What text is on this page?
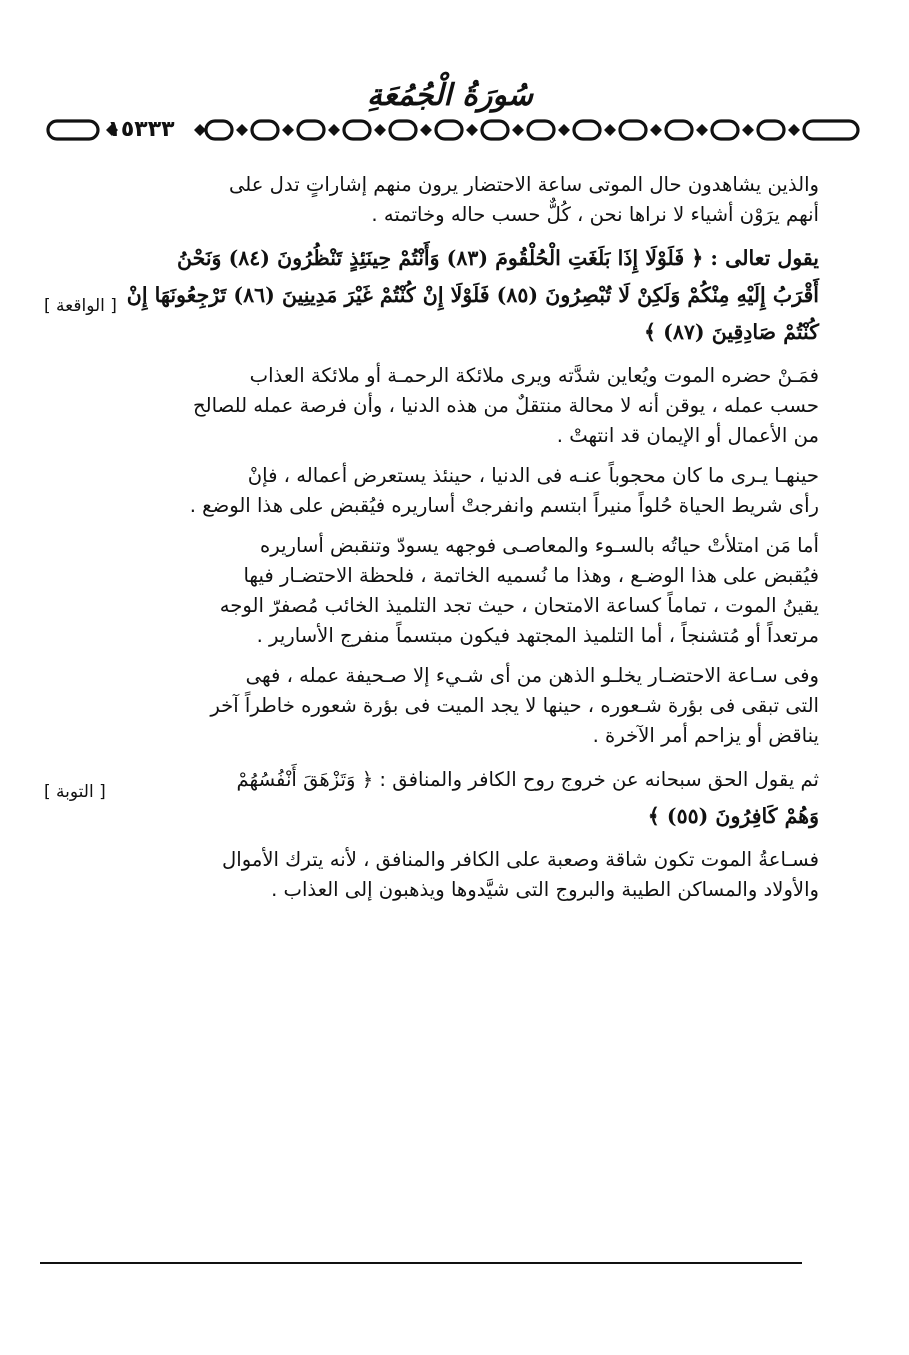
سُورَةُ الْجُمُعَةِ
١٥٣٣٣

والذين يشاهدون حال الموتى ساعة الاحتضار يرون منهم إشاراتٍ تدل على
أنهم يرَوْن أشياء لا نراها نحن ، كُلٌّ حسب حاله وخاتمته .

يقول تعالى : ﴿ فَلَوْلَا إِذَا بَلَغَتِ الْحُلْقُومَ (٨٣) وَأَنْتُمْ حِينَئِذٍ تَنْظُرُونَ (٨٤) وَنَحْنُ
أَقْرَبُ إِلَيْهِ مِنْكُمْ وَلَكِنْ لَا تُبْصِرُونَ (٨٥) فَلَوْلَا إِنْ كُنْتُمْ غَيْرَ مَدِينِينَ (٨٦) تَرْجِعُونَهَا إِنْ
كُنْتُمْ صَادِقِينَ (٨٧) ﴾
[ الواقعة ]

فمَـنْ حضره الموت ويُعاين شدَّته ويرى ملائكة الرحمـة أو ملائكة العذاب
حسب عمله ، يوقن أنه لا محالة منتقلٌ من هذه الدنيا ، وأن فرصة عمله للصالح
من الأعمال أو الإيمان قد انتهتْ .

حينهـا يـرى ما كان محجوباً عنـه فى الدنيا ، حينئذ يستعرض أعماله ، فإنْ
رأى شريط الحياة حُلواً منيراً ابتسم وانفرجتْ أساريره فيُقبض على هذا الوضع .

أما مَن امتلأتْ حياتُه بالسـوء والمعاصـى فوجهه يسودّ وتنقبض أساريره
فيُقبض على هذا الوضـع ، وهذا ما نُسميه الخاتمة ، فلحظة الاحتضـار فيها
يقينُ الموت ، تماماً كساعة الامتحان ، حيث تجد التلميذ الخائب مُصفرّ الوجه
مرتعداً أو مُتشنجاً ، أما التلميذ المجتهد فيكون مبتسماً منفرج الأسارير .

وفى سـاعة الاحتضـار يخلـو الذهن من أى شـيء إلا صـحيفة عمله ، فهى
التى تبقى فى بؤرة شـعوره ، حينها لا يجد الميت فى بؤرة شعوره خاطراً آخر
يناقض أو يزاحم أمر الآخرة .

ثم يقول الحق سبحانه عن خروج روح الكافر والمنافق : ﴿ وَتَزْهَقَ أَنْفُسُهُمْ
وَهُمْ كَافِرُونَ (٥٥) ﴾
[ التوبة ]

فسـاعةُ الموت تكون شاقة وصعبة على الكافر والمنافق ، لأنه يترك الأموال
والأولاد والمساكن الطيبة والبروج التى شيَّدوها ويذهبون إلى العذاب .
